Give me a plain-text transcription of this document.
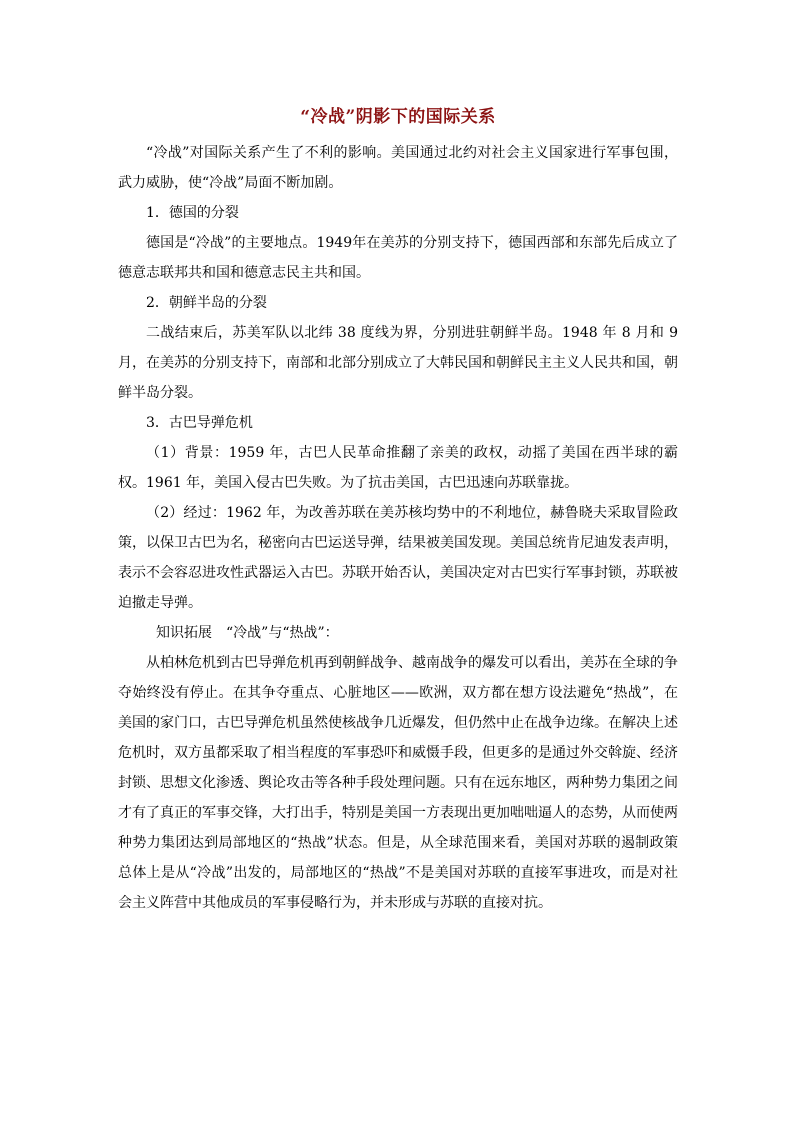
“冷战”阴影下的国际关系

“冷战”对国际关系产生了不利的影响。美国通过北约对社会主义国家进行军事包围，武力威胁，使“冷战”局面不断加剧。

1．德国的分裂

德国是“冷战”的主要地点。1949年在美苏的分别支持下，德国西部和东部先后成立了德意志联邦共和国和德意志民主共和国。

2．朝鲜半岛的分裂

二战结束后，苏美军队以北纬 38 度线为界，分别进驻朝鲜半岛。1948 年 8 月和 9 月，在美苏的分别支持下，南部和北部分别成立了大韩民国和朝鲜民主主义人民共和国，朝鲜半岛分裂。

3．古巴导弹危机

（1）背景：1959 年，古巴人民革命推翻了亲美的政权，动摇了美国在西半球的霸权。1961 年，美国入侵古巴失败。为了抗击美国，古巴迅速向苏联靠拢。

（2）经过：1962 年，为改善苏联在美苏核均势中的不利地位，赫鲁晓夫采取冒险政策，以保卫古巴为名，秘密向古巴运送导弹，结果被美国发现。美国总统肯尼迪发表声明，表示不会容忍进攻性武器运入古巴。苏联开始否认，美国决定对古巴实行军事封锁，苏联被迫撤走导弹。

知识拓展 “冷战”与“热战”：

从柏林危机到古巴导弹危机再到朝鲜战争、越南战争的爆发可以看出，美苏在全球的争夺始终没有停止。在其争夺重点、心脏地区——欧洲，双方都在想方设法避免“热战”，在美国的家门口，古巴导弹危机虽然使核战争几近爆发，但仍然中止在战争边缘。在解决上述危机时，双方虽都采取了相当程度的军事恐吓和威慑手段，但更多的是通过外交斡旋、经济封锁、思想文化渗透、舆论攻击等各种手段处理问题。只有在远东地区，两种势力集团之间才有了真正的军事交锋，大打出手，特别是美国一方表现出更加咄咄逼人的态势，从而使两种势力集团达到局部地区的“热战”状态。但是，从全球范围来看，美国对苏联的遏制政策总体上是从“冷战”出发的，局部地区的“热战”不是美国对苏联的直接军事进攻，而是对社会主义阵营中其他成员的军事侵略行为，并未形成与苏联的直接对抗。
